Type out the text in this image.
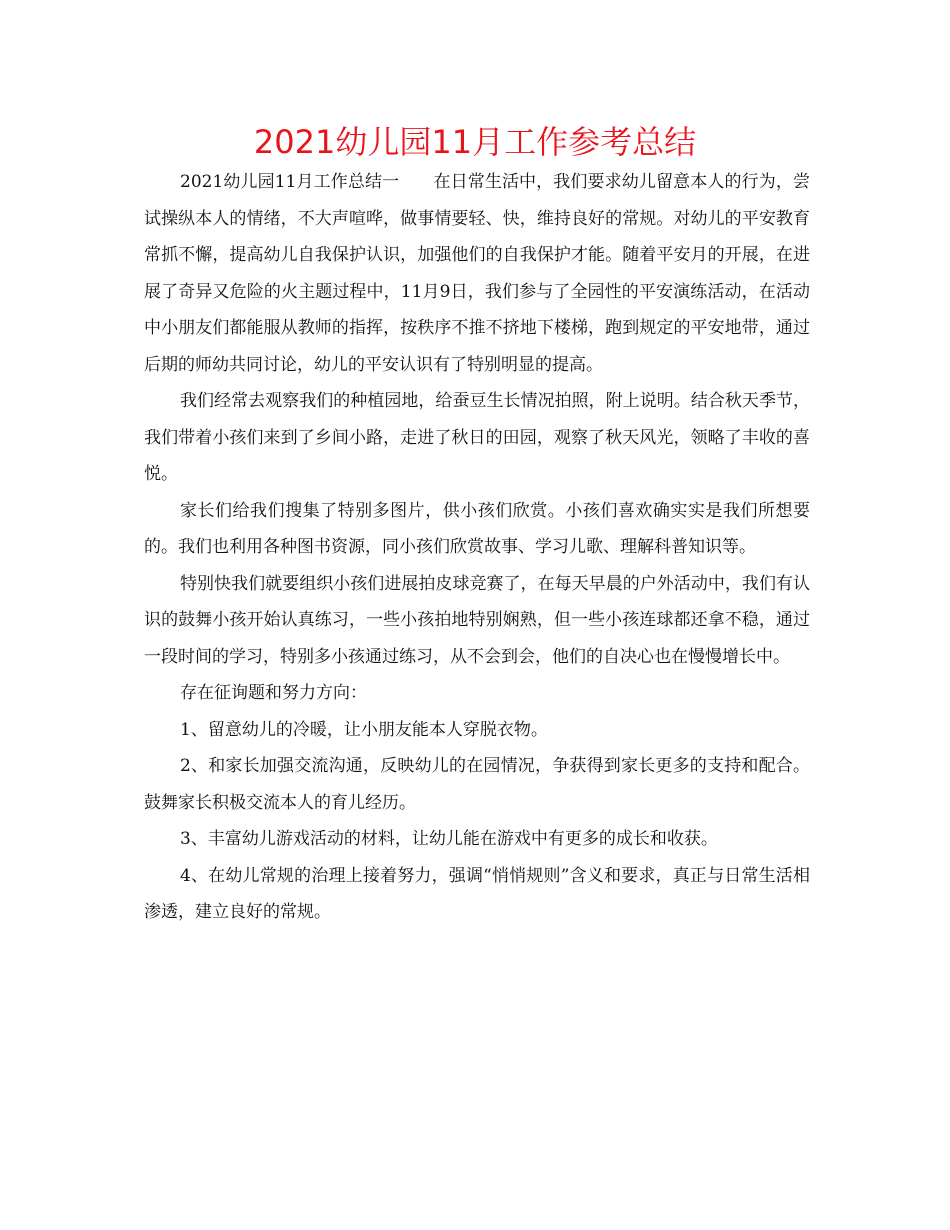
2021幼儿园11月工作参考总结

2021幼儿园11月工作总结一　　在日常生活中，我们要求幼儿留意本人的行为，尝试操纵本人的情绪，不大声喧哗，做事情要轻、快，维持良好的常规。对幼儿的平安教育常抓不懈，提高幼儿自我保护认识，加强他们的自我保护才能。随着平安月的开展，在进展了奇异又危险的火主题过程中，11月9日，我们参与了全园性的平安演练活动，在活动中小朋友们都能服从教师的指挥，按秩序不推不挤地下楼梯，跑到规定的平安地带，通过后期的师幼共同讨论，幼儿的平安认识有了特别明显的提高。

我们经常去观察我们的种植园地，给蚕豆生长情况拍照，附上说明。结合秋天季节，我们带着小孩们来到了乡间小路，走进了秋日的田园，观察了秋天风光，领略了丰收的喜悦。

家长们给我们搜集了特别多图片，供小孩们欣赏。小孩们喜欢确实实是我们所想要的。我们也利用各种图书资源，同小孩们欣赏故事、学习儿歌、理解科普知识等。

特别快我们就要组织小孩们进展拍皮球竞赛了，在每天早晨的户外活动中，我们有认识的鼓舞小孩开始认真练习，一些小孩拍地特别娴熟，但一些小孩连球都还拿不稳，通过一段时间的学习，特别多小孩通过练习，从不会到会，他们的自决心也在慢慢增长中。

存在征询题和努力方向：

1、留意幼儿的冷暖，让小朋友能本人穿脱衣物。

2、和家长加强交流沟通，反映幼儿的在园情况，争获得到家长更多的支持和配合。鼓舞家长积极交流本人的育儿经历。

3、丰富幼儿游戏活动的材料，让幼儿能在游戏中有更多的成长和收获。

4、在幼儿常规的治理上接着努力，强调“悄悄规则”含义和要求，真正与日常生活相渗透，建立良好的常规。
